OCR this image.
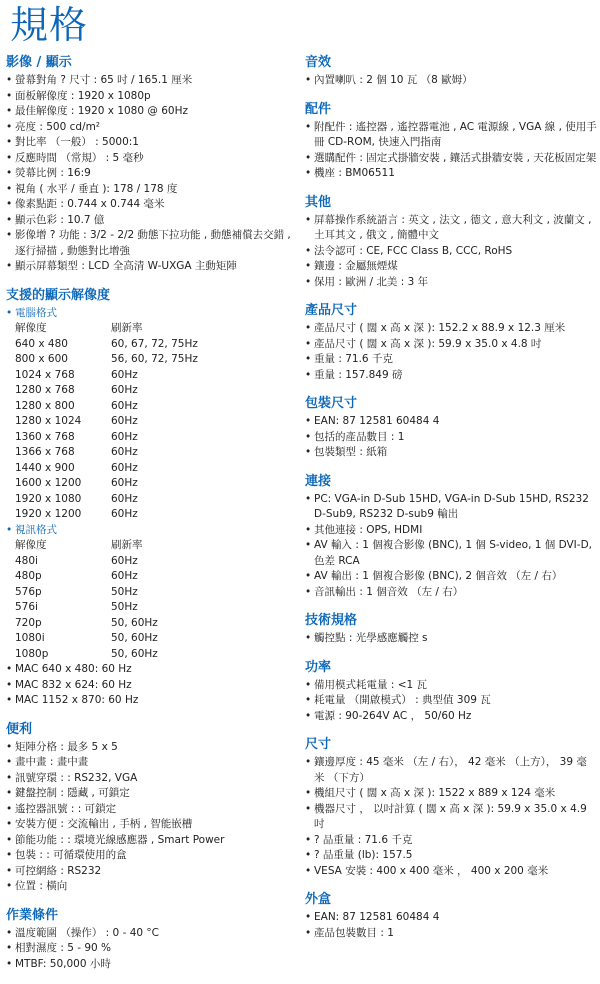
規格
影像 / 顯示
• 螢幕對角 ? 尺寸 : 65 吋 / 165.1 厘米
• 面板解像度 : 1920 x 1080p
• 最佳解像度 : 1920 x 1080 @ 60Hz
• 亮度 : 500 cd/m²
• 對比率 （一般） : 5000:1
• 反應時間 （常規） : 5 毫秒
• 熒幕比例 : 16:9
• 視角 ( 水平 / 垂直 ): 178 / 178 度
• 像素點距 : 0.744 x 0.744 毫米
• 顯示色彩 : 10.7 億
• 影像增 ? 功能 : 3/2 - 2/2 動態下拉功能 , 動態補償去交錯 , 逐行掃描 , 動態對比增強
• 顯示屏幕類型 : LCD 全高清 W-UXGA 主動矩陣
支援的顯示解像度
• 電腦格式
解像度	刷新率
640 x 480	60, 67, 72, 75Hz
800 x 600	56, 60, 72, 75Hz
1024 x 768	60Hz
1280 x 768	60Hz
1280 x 800	60Hz
1280 x 1024	60Hz
1360 x 768	60Hz
1366 x 768	60Hz
1440 x 900	60Hz
1600 x 1200	60Hz
1920 x 1080	60Hz
1920 x 1200	60Hz
• 視訊格式
解像度	刷新率
480i	60Hz
480p	60Hz
576p	50Hz
576i	50Hz
720p	50, 60Hz
1080i	50, 60Hz
1080p	50, 60Hz
• MAC 640 x 480: 60 Hz
• MAC 832 x 624: 60 Hz
• MAC 1152 x 870: 60 Hz
便利
• 矩陣分格 : 最多 5 x 5
• 畫中畫 : 畫中畫
• 訊號穿環 : : RS232, VGA
• 鍵盤控制 : 隱藏 , 可鎖定
• 遙控器訊號 : : 可鎖定
• 安裝方便 : 交流輸出 , 手柄 , 智能嵌槽
• 節能功能 : : 環境光線感應器 , Smart Power
• 包裝 : : 可循環使用的盒
• 可控網絡 : RS232
• 位置 : 橫向
作業條件
• 溫度範圍 （操作） : 0 - 40 °C
• 相對濕度 : 5 - 90 %
• MTBF: 50,000 小時
音效
• 內置喇叭 : 2 個 10 瓦 （8 歐姆）
配件
• 附配件 : 遙控器 , 遙控器電池 , AC 電源線 , VGA 線 , 使用手冊 CD-ROM, 快速入門指南
• 選購配件 : 固定式掛牆安裝 , 鑲活式掛牆安裝 , 天花板固定架
• 機座 : BM06511
其他
• 屏幕操作系統語言 : 英文 , 法文 , 德文 , 意大利文 , 波蘭文 , 土耳其文 , 俄文 , 簡體中文
• 法令認可 : CE, FCC Class B, CCC, RoHS
• 鑲邊 : 金屬無煙煤
• 保用 : 歐洲 / 北美 : 3 年
產品尺寸
• 產品尺寸 ( 闊 x 高 x 深 ): 152.2 x 88.9 x 12.3 厘米
• 產品尺寸 ( 闊 x 高 x 深 ): 59.9 x 35.0 x 4.8 吋
• 重量 : 71.6 千克
• 重量 : 157.849 磅
包裝尺寸
• EAN: 87 12581 60484 4
• 包括的產品數目 : 1
• 包裝類型 : 紙箱
連接
• PC: VGA-in D-Sub 15HD, VGA-in D-Sub 15HD, RS232 D-Sub9, RS232 D-sub9 輸出
• 其他連接 : OPS, HDMI
• AV 輸入 : 1 個複合影像 (BNC), 1 個 S-video, 1 個 DVI-D, 色差 RCA
• AV 輸出 : 1 個複合影像 (BNC), 2 個音效 （左 / 右）
• 音訊輸出 : 1 個音效 （左 / 右）
技術規格
• 觸控點 : 光學感應觸控 s
功率
• 備用模式耗電量 : <1 瓦
• 耗電量 （開啟模式） : 典型值 309 瓦
• 電源 : 90-264V AC ， 50/60 Hz
尺寸
• 鑲邊厚度 : 45 毫米 （左 / 右）， 42 毫米 （上方）， 39 毫米 （下方）
• 機組尺寸 ( 闊 x 高 x 深 ): 1522 x 889 x 124 毫米
• 機器尺寸 ， 以吋計算 ( 闊 x 高 x 深 ): 59.9 x 35.0 x 4.9 吋
• ? 品重量 : 71.6 千克
• ? 品重量 (lb): 157.5
• VESA 安裝 : 400 x 400 毫米 ， 400 x 200 毫米
外盒
• EAN: 87 12581 60484 4
• 產品包裝數目 : 1
